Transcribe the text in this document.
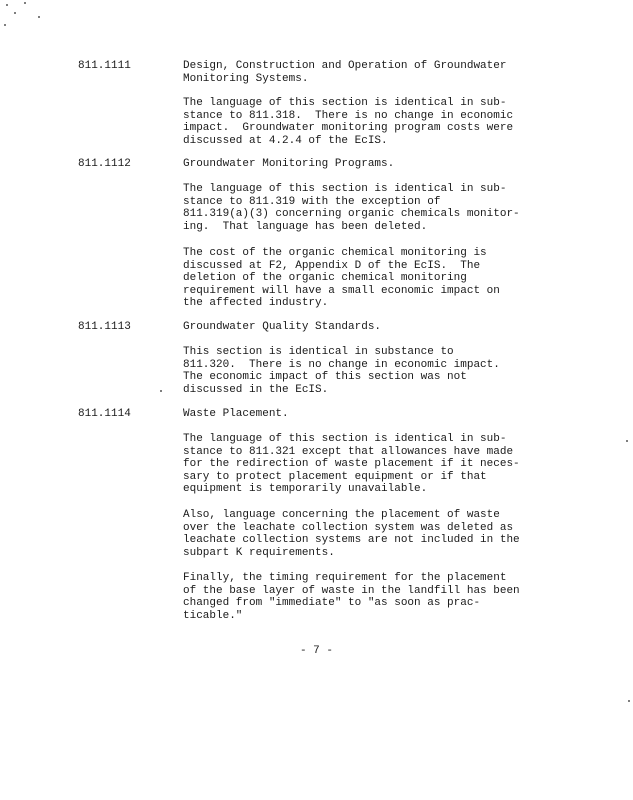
811.1111	Design, Construction and Operation of Groundwater
Monitoring Systems.
The language of this section is identical in sub-
stance to 811.318.  There is no change in economic
impact.  Groundwater monitoring program costs were
discussed at 4.2.4 of the EcIS.
811.1112	Groundwater Monitoring Programs.
The language of this section is identical in sub-
stance to 811.319 with the exception of
811.319(a)(3) concerning organic chemicals monitor-
ing.  That language has been deleted.
The cost of the organic chemical monitoring is
discussed at F2, Appendix D of the EcIS.  The
deletion of the organic chemical monitoring
requirement will have a small economic impact on
the affected industry.
811.1113	Groundwater Quality Standards.
This section is identical in substance to
811.320.  There is no change in economic impact.
The economic impact of this section was not
discussed in the EcIS.
811.1114	Waste Placement.
The language of this section is identical in sub-
stance to 811.321 except that allowances have made
for the redirection of waste placement if it neces-
sary to protect placement equipment or if that
equipment is temporarily unavailable.
Also, language concerning the placement of waste
over the leachate collection system was deleted as
leachate collection systems are not included in the
subpart K requirements.
Finally, the timing requirement for the placement
of the base layer of waste in the landfill has been
changed from "immediate" to "as soon as prac-
ticable."
- 7 -
